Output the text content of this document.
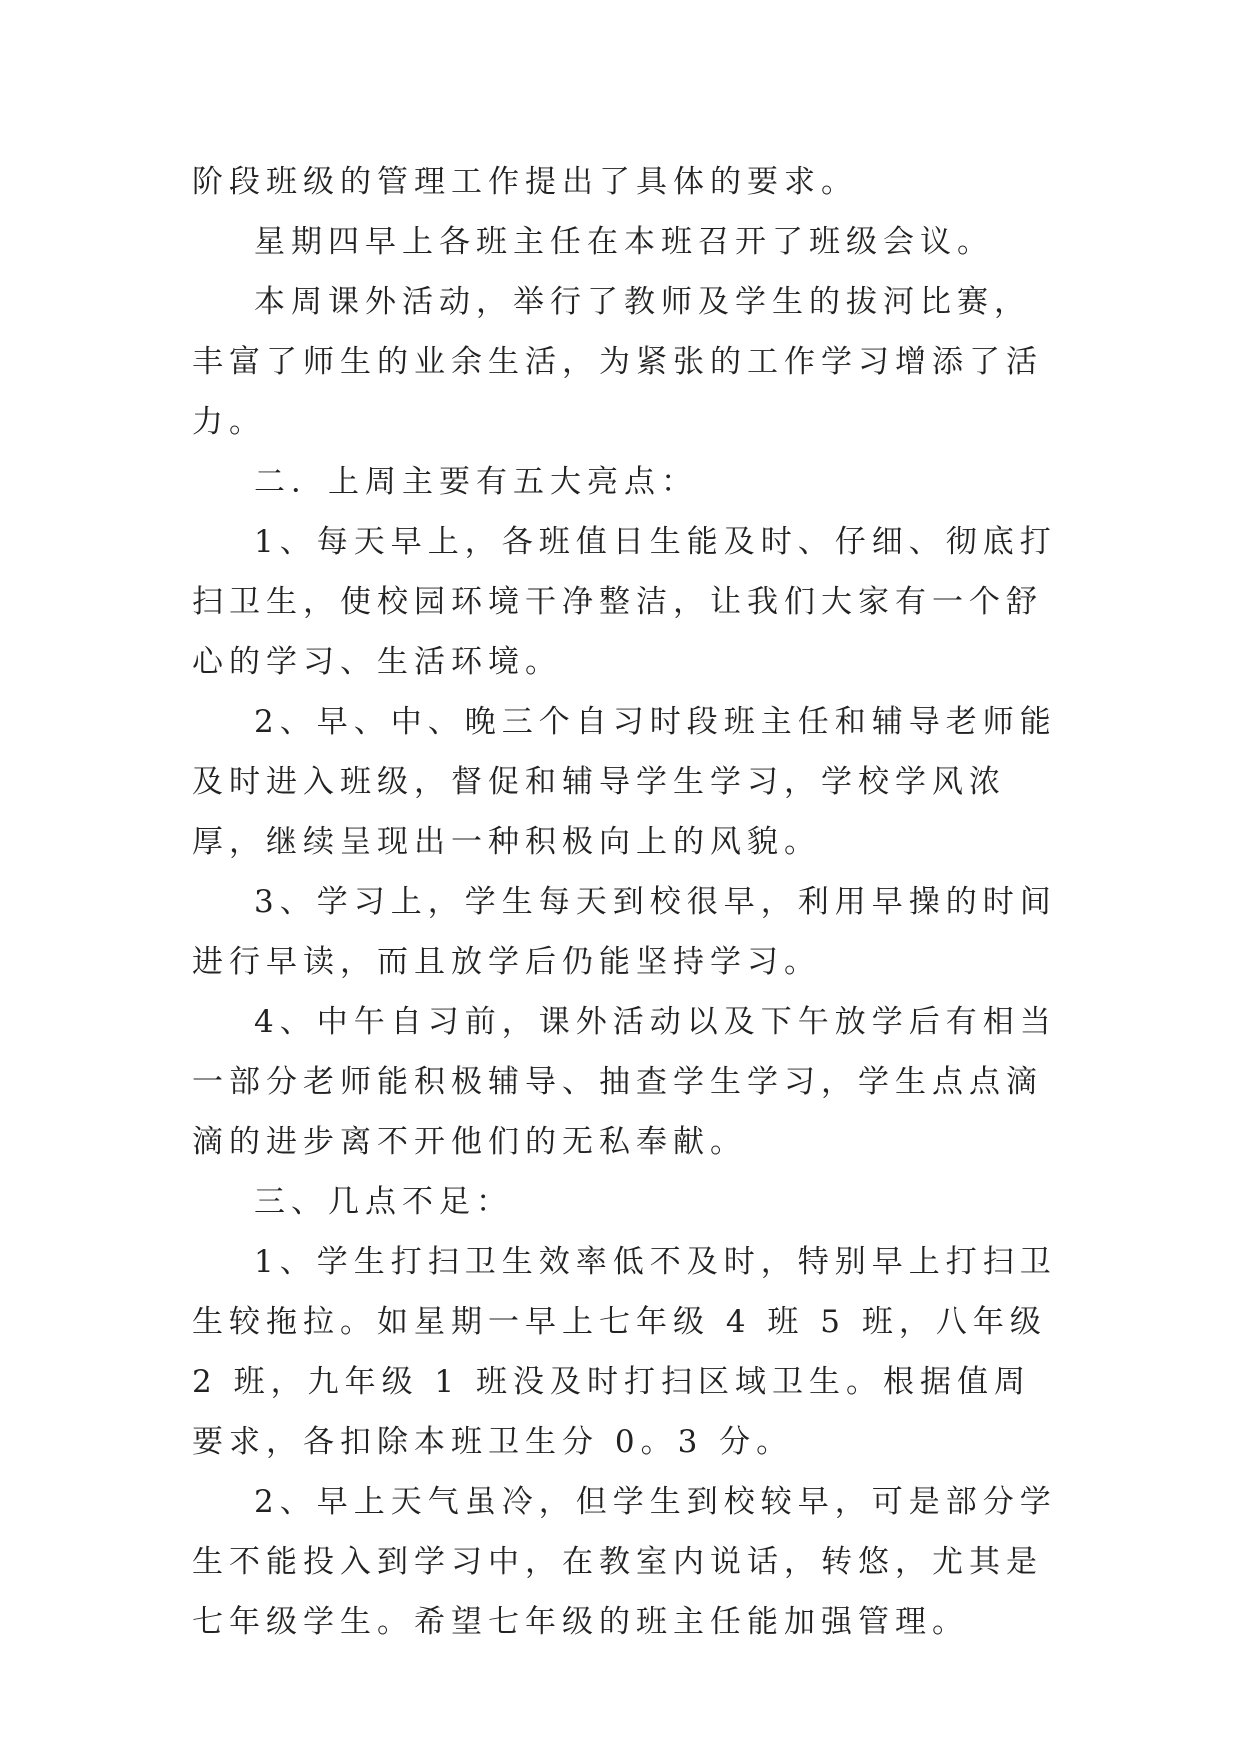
阶段班级的管理工作提出了具体的要求。

星期四早上各班主任在本班召开了班级会议。

本周课外活动，举行了教师及学生的拔河比赛，丰富了师生的业余生活，为紧张的工作学习增添了活力。

二．上周主要有五大亮点：

1、每天早上，各班值日生能及时、仔细、彻底打扫卫生，使校园环境干净整洁，让我们大家有一个舒心的学习、生活环境。

2、早、中、晚三个自习时段班主任和辅导老师能及时进入班级，督促和辅导学生学习，学校学风浓厚，继续呈现出一种积极向上的风貌。

3、学习上，学生每天到校很早，利用早操的时间进行早读，而且放学后仍能坚持学习。

4、中午自习前，课外活动以及下午放学后有相当一部分老师能积极辅导、抽查学生学习，学生点点滴滴的进步离不开他们的无私奉献。

三、几点不足：

1、学生打扫卫生效率低不及时，特别早上打扫卫生较拖拉。如星期一早上七年级 4 班 5 班，八年级 2 班，九年级 1 班没及时打扫区域卫生。根据值周要求，各扣除本班卫生分 0。3 分。

2、早上天气虽冷，但学生到校较早，可是部分学生不能投入到学习中，在教室内说话，转悠，尤其是七年级学生。希望七年级的班主任能加强管理。
